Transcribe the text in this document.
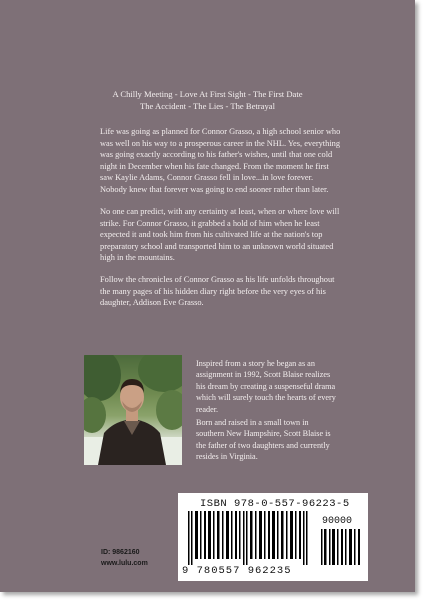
A Chilly Meeting - Love At First Sight - The First Date
The Accident - The Lies - The Betrayal

Life was going as planned for Connor Grasso, a high school senior who was well on his way to a prosperous career in the NHL. Yes, everything was going exactly according to his father's wishes, until that one cold night in December when his fate changed. From the moment he first saw Kaylie Adams, Connor Grasso fell in love...in love forever. Nobody knew that forever was going to end sooner rather than later.

No one can predict, with any certainty at least, when or where love will strike. For Connor Grasso, it grabbed a hold of him when he least expected it and took him from his cultivated life at the nation's top preparatory school and transported him to an unknown world situated high in the mountains.

Follow the chronicles of Connor Grasso as his life unfolds throughout the many pages of his hidden diary right before the very eyes of his daughter, Addison Eve Grasso.

Inspired from a story he began as an assignment in 1992, Scott Blaise realizes his dream by creating a suspenseful drama which will surely touch the hearts of every reader.

Born and raised in a small town in southern New Hampshire, Scott Blaise is the father of two daughters and currently resides in Virginia.

ISBN 978-0-557-96223-5
90000
9 780557 962235
ID: 9862160
www.lulu.com
